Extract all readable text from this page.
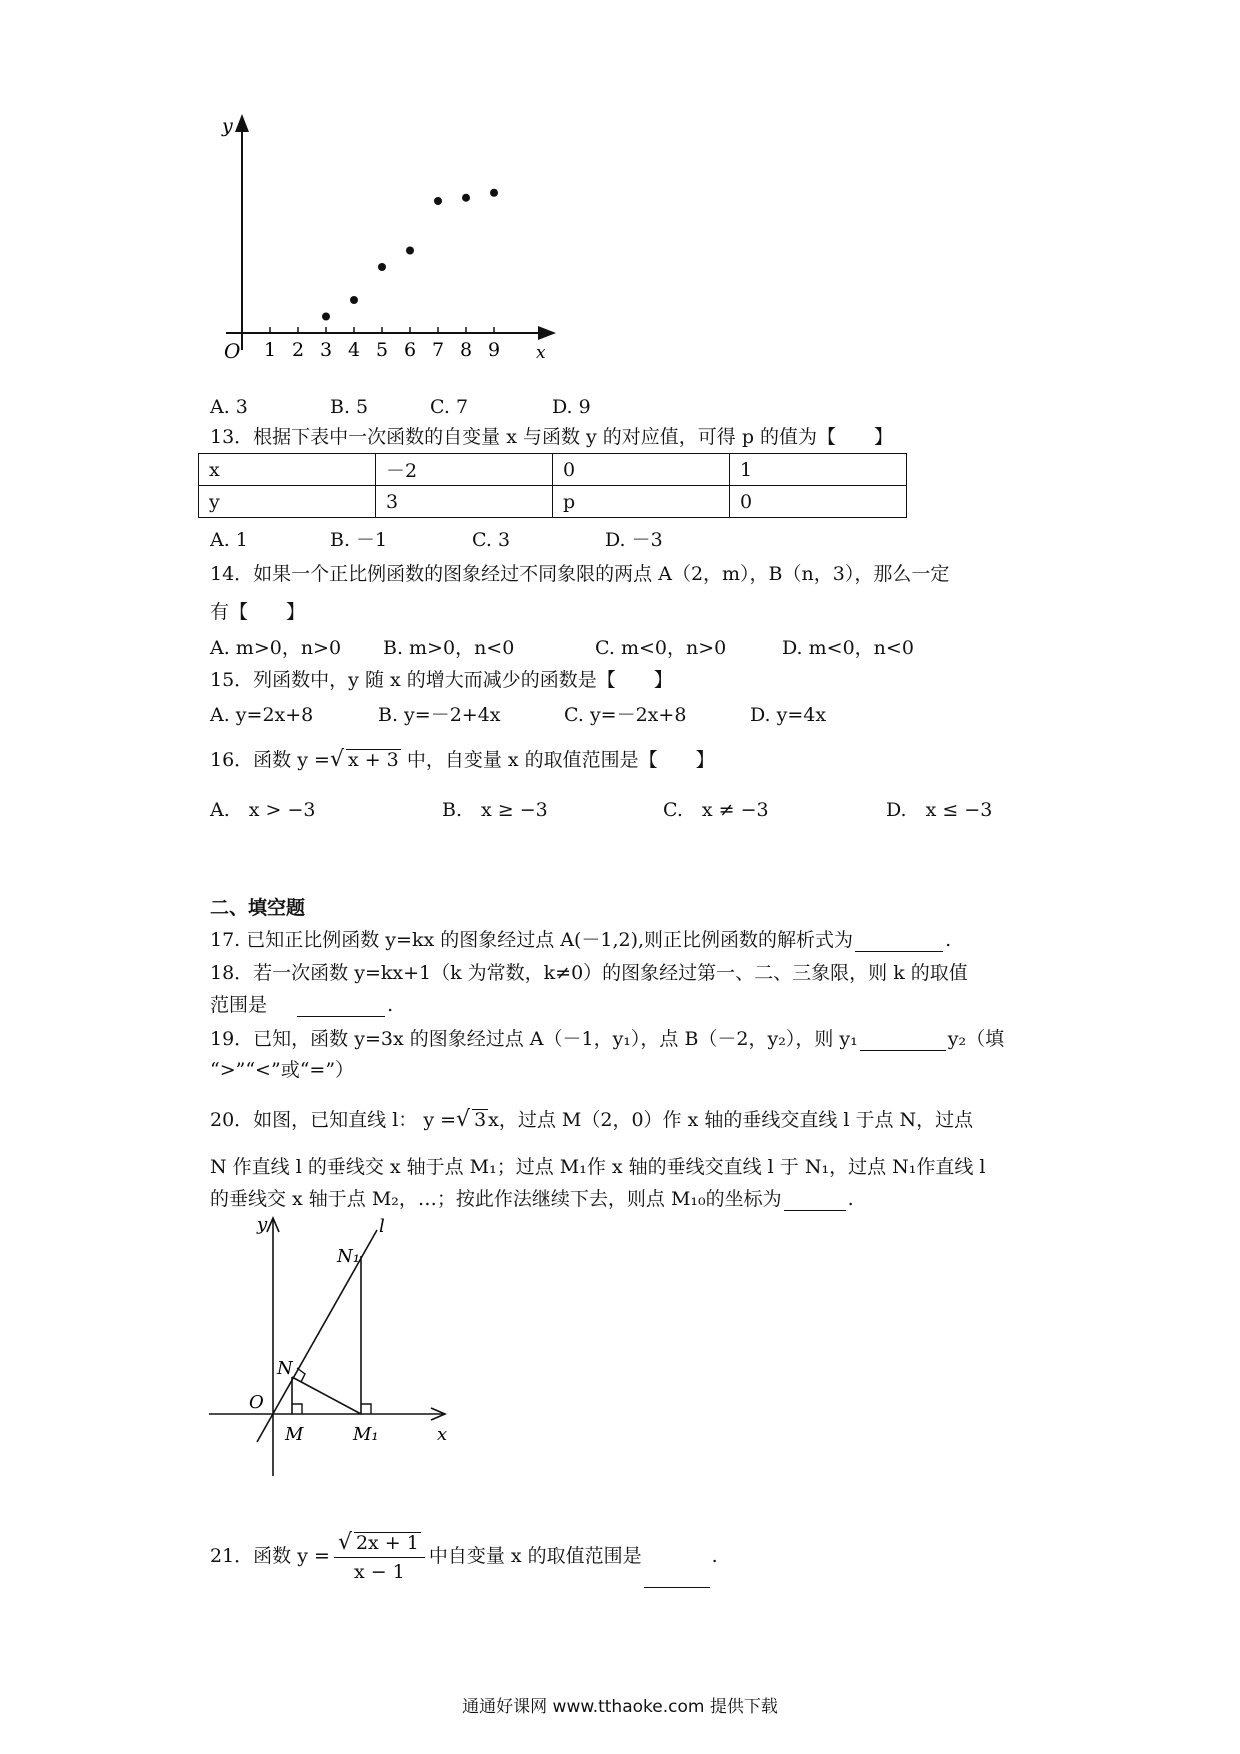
y
x
O 1 2 3 4 5 6 7 8 9
A. 3	B. 5	C. 7	D. 9
13．根据下表中一次函数的自变量 x 与函数 y 的对应值，可得 p 的值为【　　】
x	－2	0	1
y	3	p	0
A. 1	B. －1	C. 3	D. －3
14．如果一个正比例函数的图象经过不同象限的两点 A（2，m），B（n，3），那么一定
有【　　】
A. m>0，n>0 B. m>0，n<0	C. m<0，n>0	D. m<0，n<0
15．列函数中，y 随 x 的增大而减少的函数是【　　】
A. y=2x+8	B. y=－2+4x	C. y=－2x+8	D. y=4x
16．函数 y =√ x + 3 中，自变量 x 的取值范围是【　　】
A.　x > −3	B.　x ≥ −3	C.　x ≠ −3	D.　x ≤ −3
二、填空题
17. 已知正比例函数 y=kx 的图象经过点 A(－1,2),则正比例函数的解析式为	.
18．若一次函数 y=kx+1（k 为常数，k≠0）的图象经过第一、二、三象限，则 k 的取值
范围是	.
19．已知，函数 y=3x 的图象经过点 A（－1，y₁），点 B（－2，y₂），则 y₁	y₂（填
“>”“<”或“=”）
20．如图，已知直线 l： y =√ 3 x，过点 M（2，0）作 x 轴的垂线交直线 l 于点 N，过点
N 作直线 l 的垂线交 x 轴于点 M₁；过点 M₁作 x 轴的垂线交直线 l 于 N₁，过点 N₁作直线 l
的垂线交 x 轴于点 M₂，…；按此作法继续下去，则点 M₁₀的坐标为	.
y
x
O
l
N
N₁
M	M₁
21．函数 $y = \frac{√ 2x + 1}{x - 1}$ 中自变量 x 的取值范围是	.
通通好课网 www.tthaoke.com 提供下载
